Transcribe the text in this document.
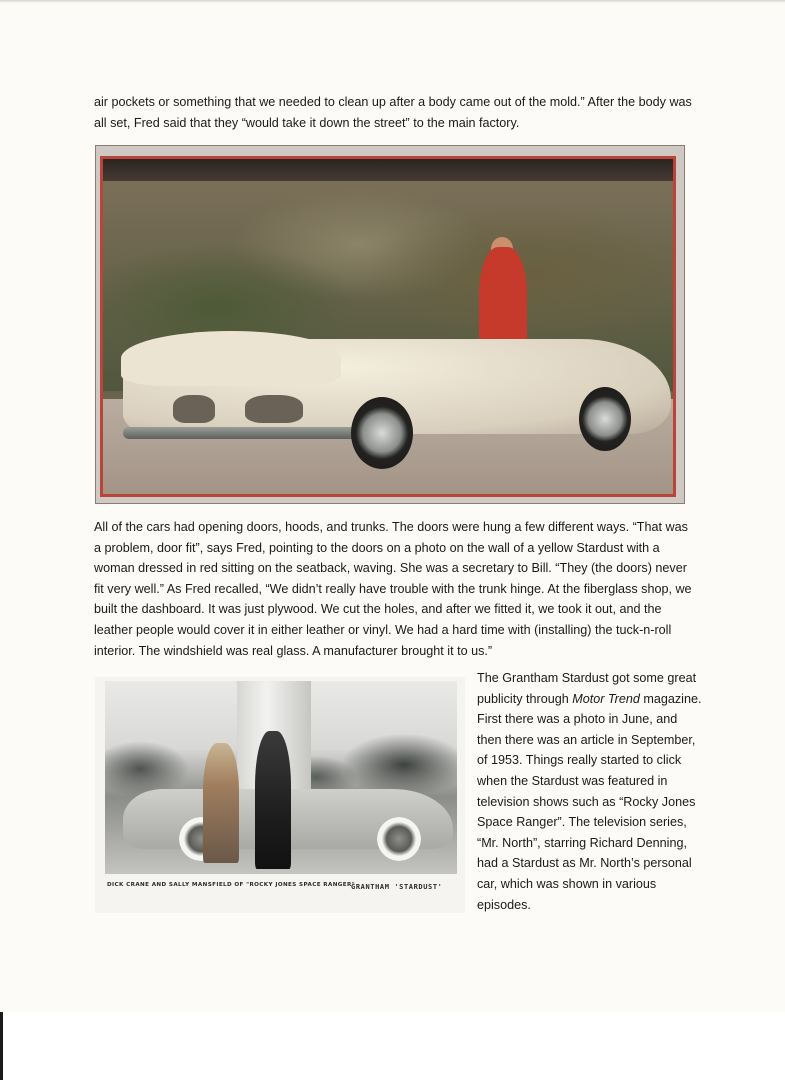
air pockets or something that we needed to clean up after a body came out of the mold.” After the body was all set, Fred said that they “would take it down the street” to the main factory.

All of the cars had opening doors, hoods, and trunks. The doors were hung a few different ways. “That was a problem, door fit”, says Fred, pointing to the doors on a photo on the wall of a yellow Stardust with a woman dressed in red sitting on the seatback, waving. She was a secretary to Bill. “They (the doors) never fit very well.” As Fred recalled, “We didn’t really have trouble with the trunk hinge. At the fiberglass shop, we built the dashboard. It was just plywood. We cut the holes, and after we fitted it, we took it out, and the leather people would cover it in either leather or vinyl. We had a hard time with (installing) the tuck-n-roll interior. The windshield was real glass. A manufacturer brought it to us.”

DICK CRANE AND SALLY MANSFIELD OF "ROCKY JONES SPACE RANGER"
GRANTHAM 'STARDUST'

The Grantham Stardust got some great publicity through Motor Trend magazine. First there was a photo in June, and then there was an article in September, of 1953. Things really started to click when the Stardust was featured in television shows such as “Rocky Jones Space Ranger”. The television series, “Mr. North”, starring Richard Denning, had a Stardust as Mr. North’s personal car, which was shown in various episodes.
